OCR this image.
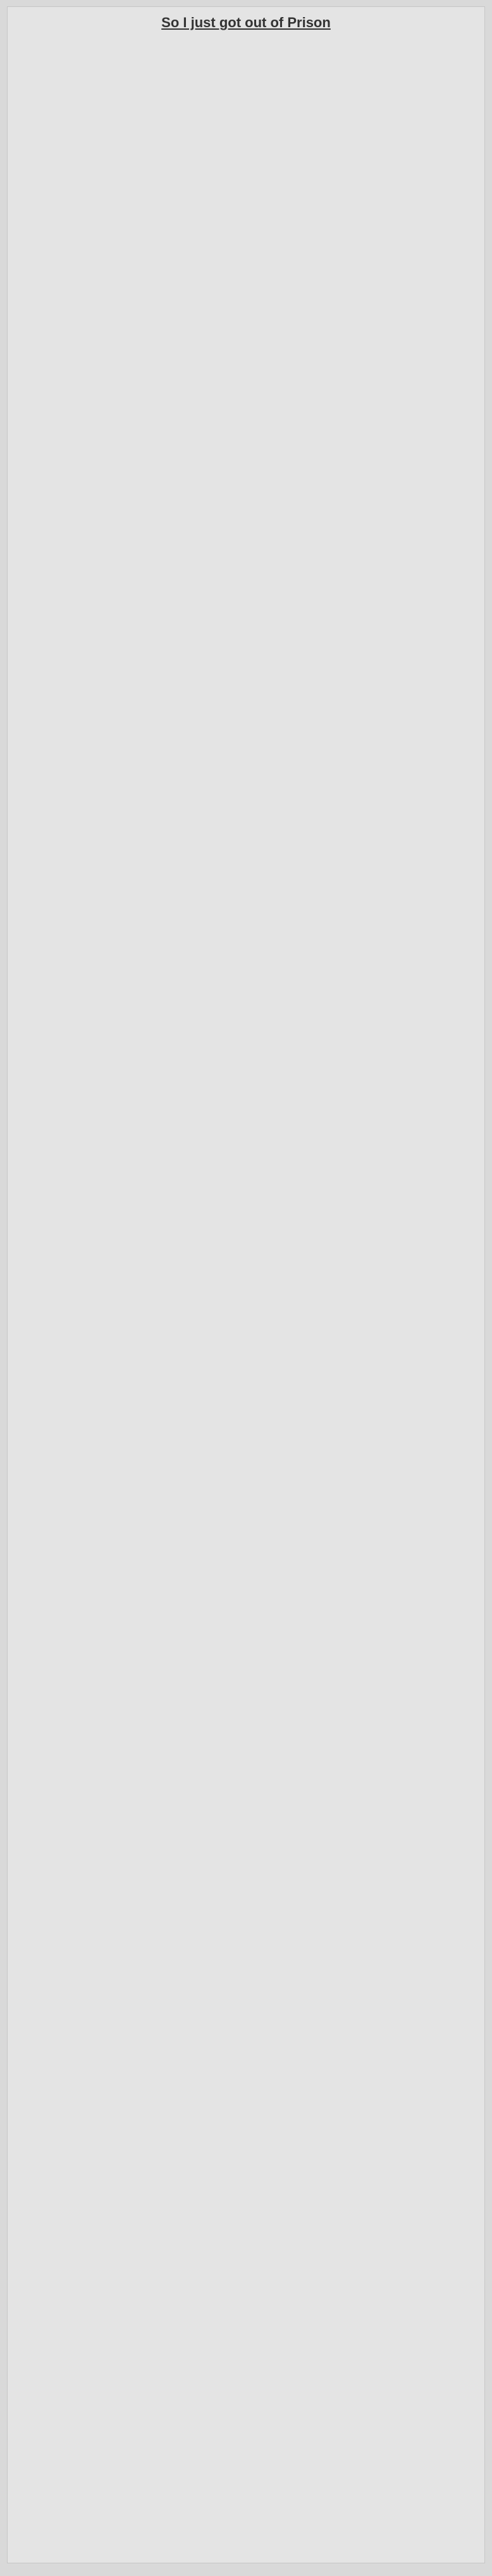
So I just got out of Prison
